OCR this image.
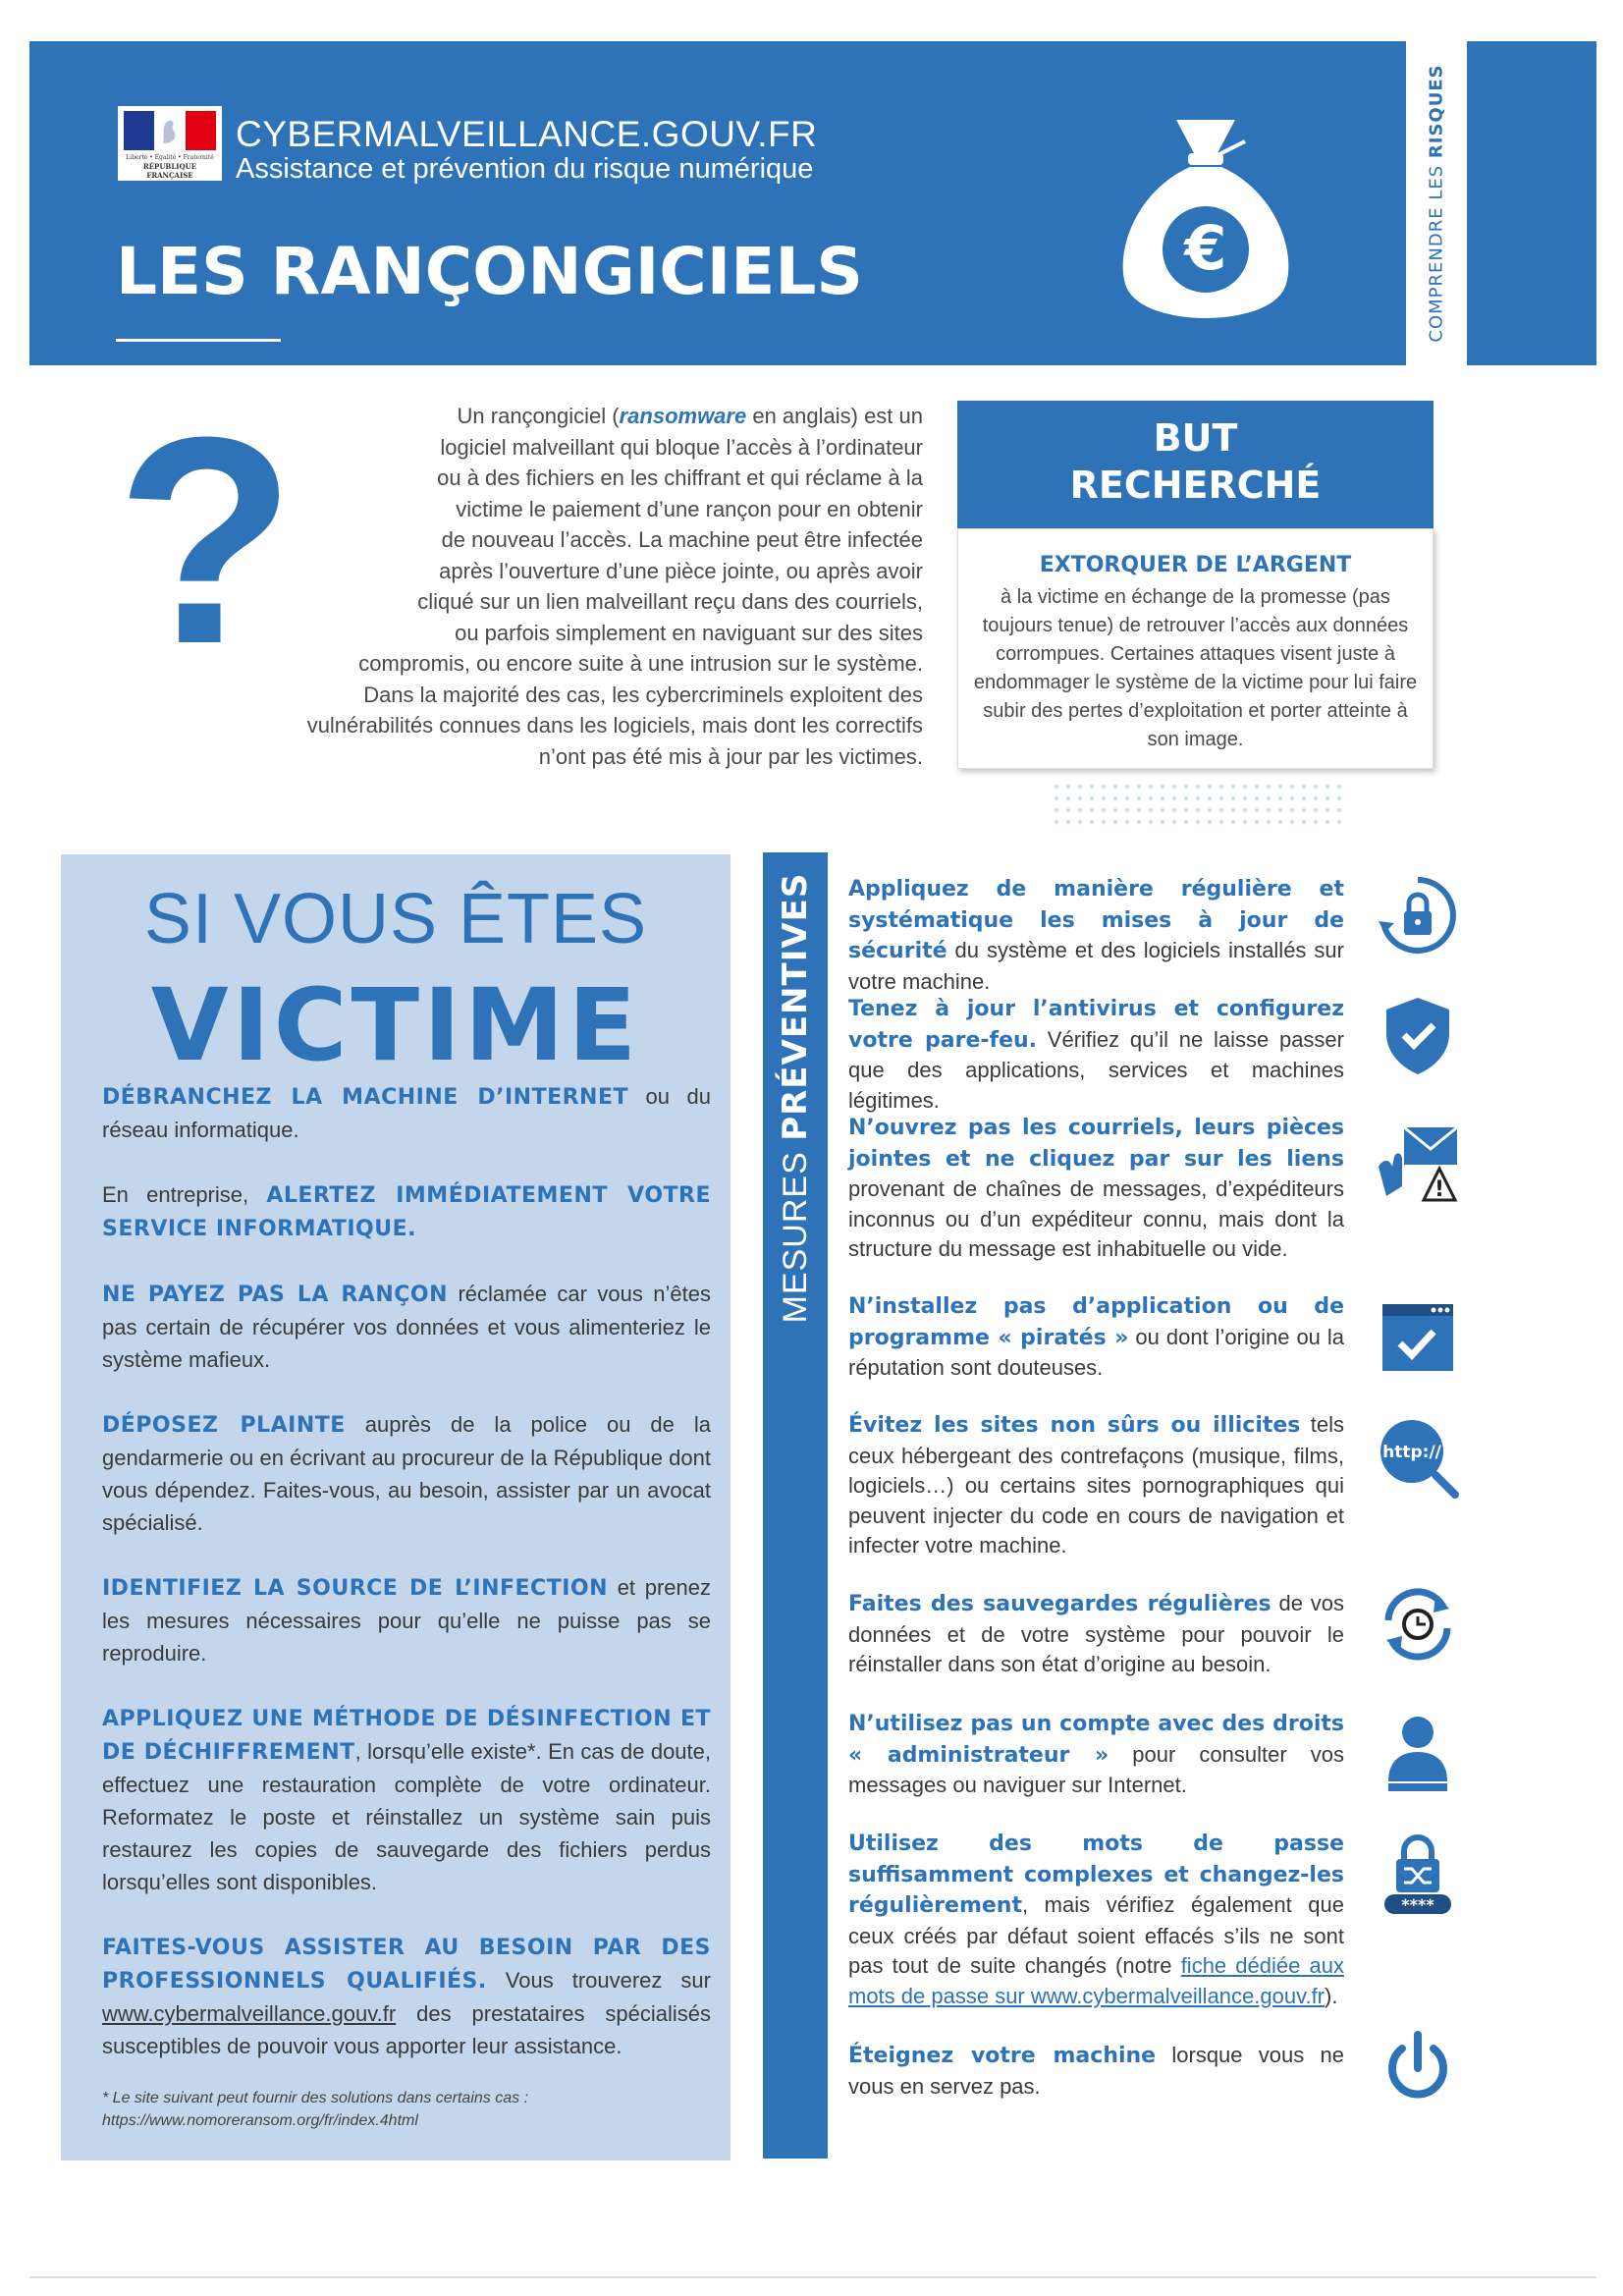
Liberté • Égalité • Fraternité
RÉPUBLIQUE FRANÇAISE
CYBERMALVEILLANCE.GOUV.FR
Assistance et prévention du risque numérique
LES RANÇONGICIELS	€	COMPRENDRE LES RISQUES
?	Un rançongiciel (ransomware en anglais) est un
logiciel malveillant qui bloque l’accès à l’ordinateur
ou à des fichiers en les chiffrant et qui réclame à la
victime le paiement d’une rançon pour en obtenir
de nouveau l’accès. La machine peut être infectée
après l’ouverture d’une pièce jointe, ou après avoir
cliqué sur un lien malveillant reçu dans des courriels,
ou parfois simplement en naviguant sur des sites
compromis, ou encore suite à une intrusion sur le système.
Dans la majorité des cas, les cybercriminels exploitent des
vulnérabilités connues dans les logiciels, mais dont les correctifs
n’ont pas été mis à jour par les victimes.
BUT
RECHERCHÉ
EXTORQUER DE L’ARGENT
à la victime en échange de la promesse (pas toujours tenue) de retrouver l’accès aux données corrompues. Certaines attaques visent juste à endommager le système de la victime pour lui faire subir des pertes d’exploitation et porter atteinte à son image.
SI VOUS ÊTES
VICTIME
DÉBRANCHEZ LA MACHINE D’INTERNET ou du réseau informatique.
En entreprise, ALERTEZ IMMÉDIATEMENT VOTRE SERVICE INFORMATIQUE.
NE PAYEZ PAS LA RANÇON réclamée car vous n’êtes pas certain de récupérer vos données et vous alimenteriez le système mafieux.
DÉPOSEZ PLAINTE auprès de la police ou de la gendarmerie ou en écrivant au procureur de la République dont vous dépendez. Faites-vous, au besoin, assister par un avocat spécialisé.
IDENTIFIEZ LA SOURCE DE L’INFECTION et prenez les mesures nécessaires pour qu’elle ne puisse pas se reproduire.
APPLIQUEZ UNE MÉTHODE DE DÉSINFECTION ET DE DÉCHIFFREMENT, lorsqu’elle existe*. En cas de doute, effectuez une restauration complète de votre ordinateur. Reformatez le poste et réinstallez un système sain puis restaurez les copies de sauvegarde des fichiers perdus lorsqu’elles sont disponibles.
FAITES-VOUS ASSISTER AU BESOIN PAR DES PROFESSIONNELS QUALIFIÉS. Vous trouverez sur www.cybermalveillance.gouv.fr des prestataires spécialisés susceptibles de pouvoir vous apporter leur assistance.
* Le site suivant peut fournir des solutions dans certains cas :
https://www.nomoreransom.org/fr/index.4html
MESURES PRÉVENTIVES Appliquez de manière régulière et systématique les mises à jour de sécurité du système et des logiciels installés sur votre machine.
Tenez à jour l’antivirus et configurez votre pare-feu. Vérifiez qu’il ne laisse passer que des applications, services et machines légitimes.
N’ouvrez pas les courriels, leurs pièces jointes et ne cliquez par sur les liens provenant de chaînes de messages, d’expéditeurs inconnus ou d’un expéditeur connu, mais dont la structure du message est inhabituelle ou vide.
!
N’installez pas d’application ou de programme « piratés » ou dont l’origine ou la réputation sont douteuses.
Évitez les sites non sûrs ou illicites tels ceux hébergeant des contrefaçons (musique, films, logiciels…) ou certains sites pornographiques qui peuvent injecter du code en cours de navigation et infecter votre machine.
http://
Faites des sauvegardes régulières de vos données et de votre système pour pouvoir le réinstaller dans son état d’origine au besoin.
N’utilisez pas un compte avec des droits « administrateur » pour consulter vos messages ou naviguer sur Internet.
Utilisez des mots de passe suffisamment complexes et changez-les régulièrement, mais vérifiez également que ceux créés par défaut soient effacés s’ils ne sont pas tout de suite changés (notre fiche dédiée aux mots de passe sur www.cybermalveillance.gouv.fr).
****
Éteignez votre machine lorsque vous ne vous en servez pas.
